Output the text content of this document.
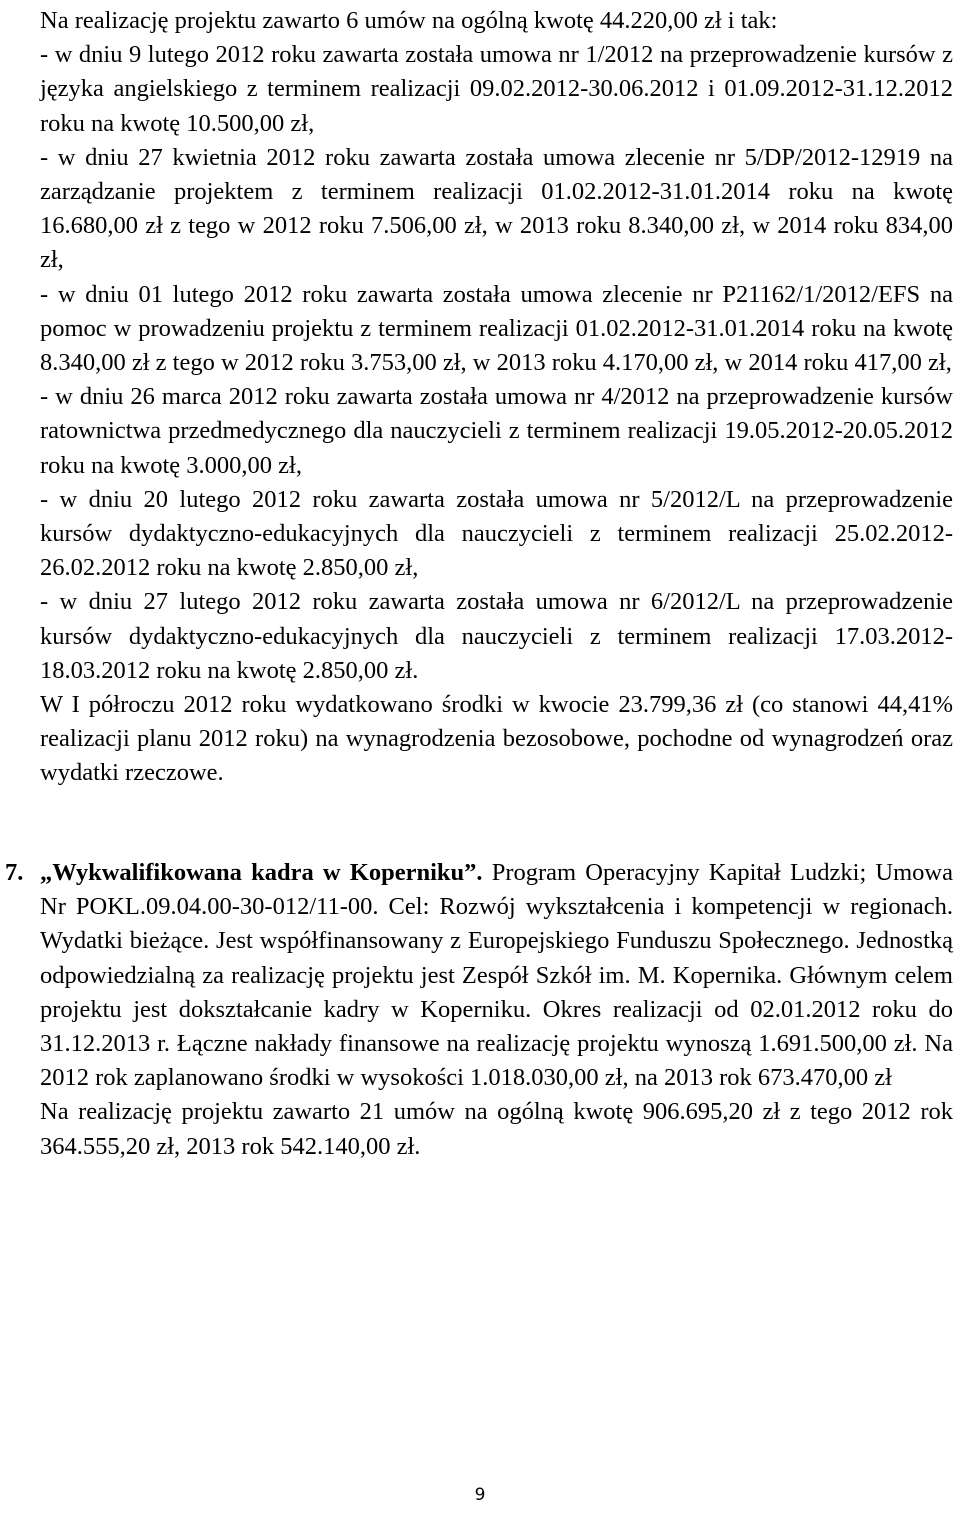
Na realizację projektu zawarto 6 umów na ogólną kwotę 44.220,00 zł i tak:

- w dniu 9 lutego 2012 roku zawarta została umowa nr 1/2012 na przeprowadzenie kursów z języka angielskiego z terminem realizacji 09.02.2012-30.06.2012 i 01.09.2012-31.12.2012 roku na kwotę 10.500,00 zł,

- w dniu 27 kwietnia 2012 roku zawarta została umowa zlecenie nr 5/DP/2012-12919 na zarządzanie projektem z terminem realizacji 01.02.2012-31.01.2014 roku na kwotę 16.680,00 zł z tego w 2012 roku 7.506,00 zł, w 2013 roku 8.340,00 zł, w 2014 roku 834,00 zł,

- w dniu 01 lutego 2012 roku zawarta została umowa zlecenie nr P21162/1/2012/EFS na pomoc w prowadzeniu projektu z terminem realizacji 01.02.2012-31.01.2014 roku na kwotę 8.340,00 zł z tego w 2012 roku 3.753,00 zł, w 2013 roku 4.170,00 zł, w 2014 roku 417,00 zł,

- w dniu 26 marca 2012 roku zawarta została umowa nr 4/2012 na przeprowadzenie kursów ratownictwa przedmedycznego dla nauczycieli z terminem realizacji 19.05.2012-20.05.2012 roku na kwotę 3.000,00 zł,

- w dniu 20 lutego 2012 roku zawarta została umowa nr 5/2012/L na przeprowadzenie kursów dydaktyczno-edukacyjnych dla nauczycieli z terminem realizacji 25.02.2012-26.02.2012 roku na kwotę 2.850,00 zł,

- w dniu 27 lutego 2012 roku zawarta została umowa nr 6/2012/L na przeprowadzenie kursów dydaktyczno-edukacyjnych dla nauczycieli z terminem realizacji 17.03.2012-18.03.2012 roku na kwotę 2.850,00 zł.

W I półroczu 2012 roku wydatkowano środki w kwocie 23.799,36 zł (co stanowi 44,41% realizacji planu 2012 roku) na wynagrodzenia bezosobowe, pochodne od wynagrodzeń oraz wydatki rzeczowe.

7. „Wykwalifikowana kadra w Koperniku”. Program Operacyjny Kapitał Ludzki; Umowa Nr POKL.09.04.00-30-012/11-00. Cel: Rozwój wykształcenia i kompetencji w regionach. Wydatki bieżące. Jest współfinansowany z Europejskiego Funduszu Społecznego. Jednostką odpowiedzialną za realizację projektu jest Zespół Szkół im. M. Kopernika. Głównym celem projektu jest dokształcanie kadry w Koperniku. Okres realizacji od 02.01.2012 roku do 31.12.2013 r. Łączne nakłady finansowe na realizację projektu wynoszą 1.691.500,00 zł. Na 2012 rok zaplanowano środki w wysokości 1.018.030,00 zł, na 2013 rok 673.470,00 zł

Na realizację projektu zawarto 21 umów na ogólną kwotę 906.695,20 zł z tego 2012 rok 364.555,20 zł, 2013 rok 542.140,00 zł.

9
